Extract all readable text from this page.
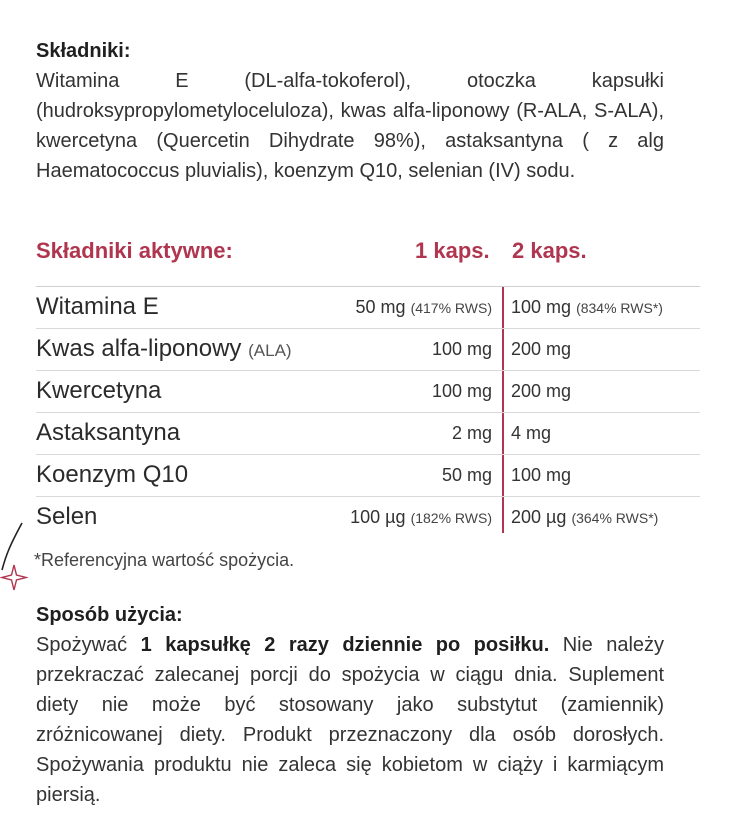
Składniki:
Witamina E (DL-alfa-tokoferol), otoczka kapsułki (hudroksypropylometyloceluloza), kwas alfa-liponowy (R-ALA, S-ALA), kwercetyna (Quercetin Dihydrate 98%), astaksantyna ( z alg Haematococcus pluvialis), koenzym Q10, selenian (IV) sodu.
Składniki aktywne:	1 kaps. 2 kaps.
Witamina E	50 mg (417% RWS) 100 mg (834% RWS*)
Kwas alfa-liponowy (ALA)	100 mg 200 mg
Kwercetyna	100 mg 200 mg
Astaksantyna	2 mg 4 mg
Koenzym Q10	50 mg 100 mg
Selen	100 µg (182% RWS) 200 µg (364% RWS*)
*Referencyjna wartość spożycia.
Sposób użycia:
Spożywać 1 kapsułkę 2 razy dziennie po posiłku. Nie należy przekraczać zalecanej porcji do spożycia w ciągu dnia. Suplement diety nie może być stosowany jako substytut (zamiennik) zróżnicowanej diety. Produkt przeznaczony dla osób dorosłych. Spożywania produktu nie zaleca się kobietom w ciąży i karmiącym piersią.
